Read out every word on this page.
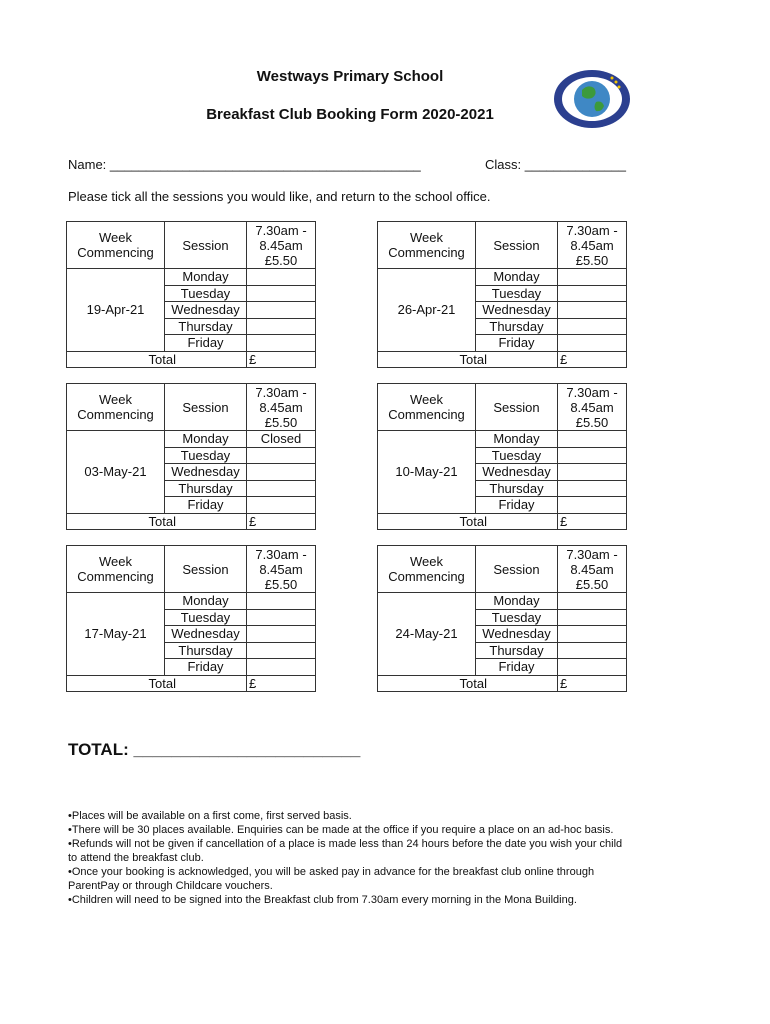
Westways Primary School
Breakfast Club Booking Form 2020-2021
Name: ___________________________________________	Class: ______________
Please tick all the sessions you would like, and return to the school office.
Week
Commencing	Session	7.30am -
8.45am
£5.50
19-Apr-21	Monday	
	Tuesday	
	Wednesday	
	Thursday	
	Friday	
Total		£
Week
Commencing	Session	7.30am -
8.45am
£5.50
26-Apr-21	Monday	
	Tuesday	
	Wednesday	
	Thursday	
	Friday	
Total		£
Week
Commencing	Session	7.30am -
8.45am
£5.50
03-May-21	Monday	Closed
	Tuesday	
	Wednesday	
	Thursday	
	Friday	
Total		£
Week
Commencing	Session	7.30am -
8.45am
£5.50
10-May-21	Monday	
	Tuesday	
	Wednesday	
	Thursday	
	Friday	
Total		£
Week
Commencing	Session	7.30am -
8.45am
£5.50
17-May-21	Monday	
	Tuesday	
	Wednesday	
	Thursday	
	Friday	
Total		£
Week
Commencing	Session	7.30am -
8.45am
£5.50
24-May-21	Monday	
	Tuesday	
	Wednesday	
	Thursday	
	Friday	
Total		£
TOTAL: ________________________

•Places will be available on a first come, first served basis.

•There will be 30 places available. Enquiries can be made at the office if you require a place on an ad-hoc basis.

•Refunds will not be given if cancellation of a place is made less than 24 hours before the date you wish your child to attend the breakfast club.

•Once your booking is acknowledged, you will be asked pay in advance for the breakfast club online through ParentPay or through Childcare vouchers.

•Children will need to be signed into the Breakfast club from 7.30am every morning in the Mona Building.
